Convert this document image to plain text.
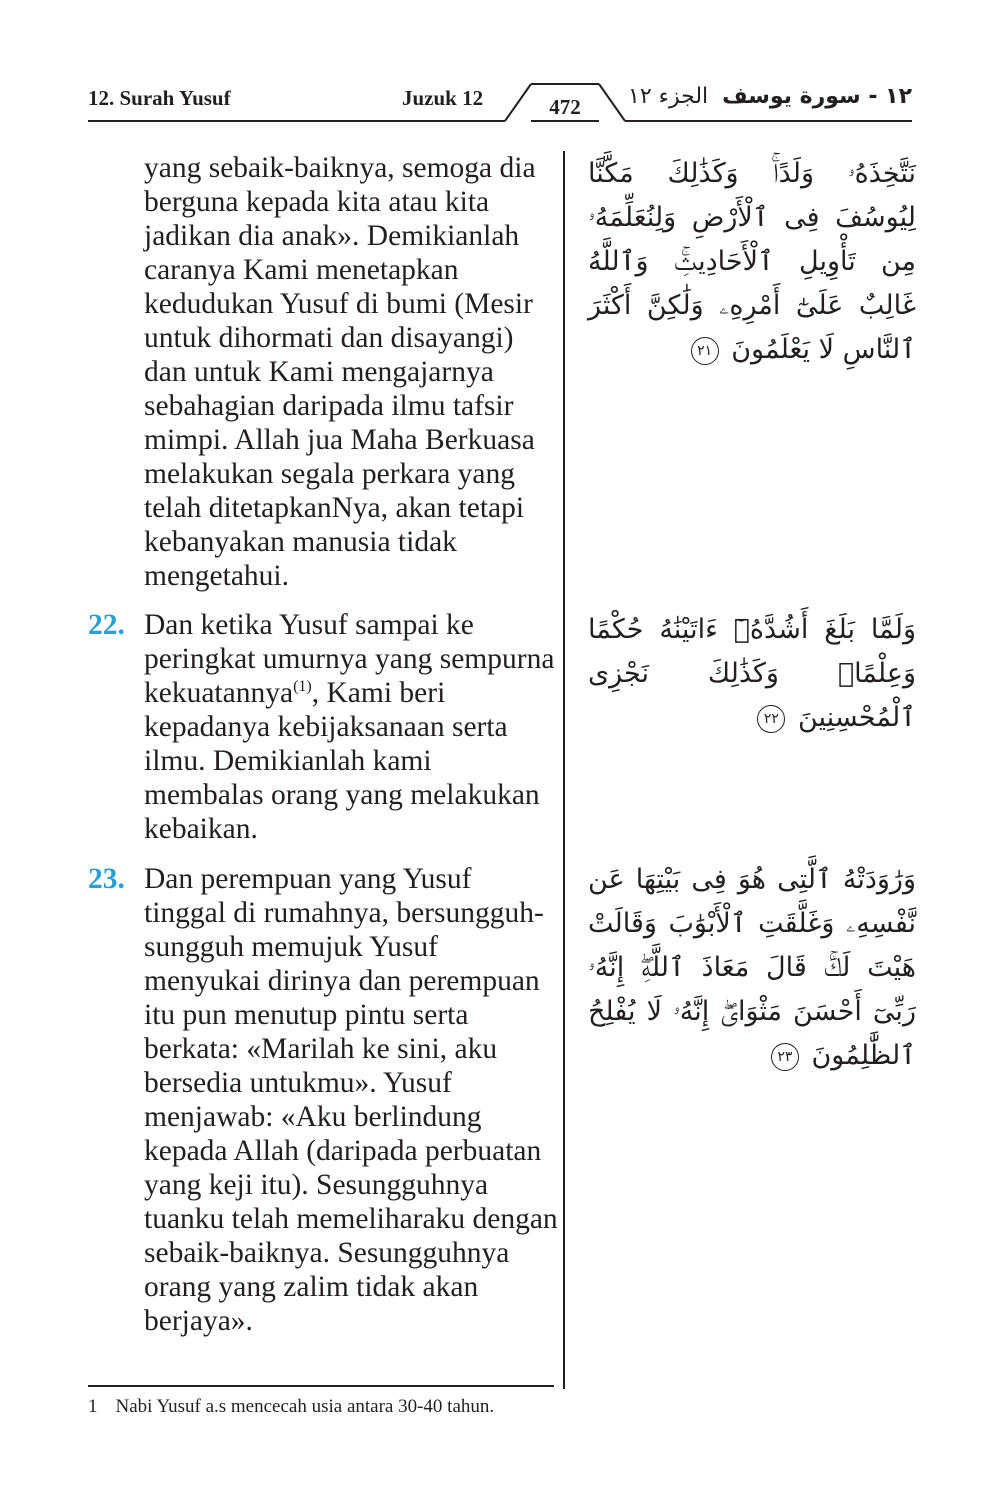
12. Surah Yusuf	Juzuk 12	472	الجزء ١٢ ١٢ - سورة يوسف
yang sebaik-baiknya, semoga dia berguna kepada kita atau kita jadikan dia anak». Demikianlah caranya Kami menetapkan kedudukan Yusuf di bumi (Mesir untuk dihormati dan disayangi) dan untuk Kami mengajarnya sebahagian daripada ilmu tafsir mimpi. Allah jua Maha Berkuasa melakukan segala perkara yang telah ditetapkanNya, akan tetapi kebanyakan manusia tidak mengetahui.
نَتَّخِذَهُۥ وَلَدًاۚ وَكَذَٰلِكَ مَكَّنَّا لِيُوسُفَ فِى ٱلْأَرْضِ وَلِنُعَلِّمَهُۥ مِن تَأْوِيلِ ٱلْأَحَادِيثِۚ وَٱللَّهُ غَالِبٌ عَلَىٰٓ أَمْرِهِۦ وَلَٰكِنَّ أَكْثَرَ ٱلنَّاسِ لَا يَعْلَمُونَ ٢١
22. Dan ketika Yusuf sampai ke peringkat umurnya yang sempurna kekuatannya$^{(1)}$, Kami beri kepadanya kebijaksanaan serta ilmu. Demikianlah kami membalas orang yang melakukan kebaikan.
وَلَمَّا بَلَغَ أَشُدَّهُۥٓ ءَاتَيْنَٰهُ حُكْمًا وَعِلْمًاۚ وَكَذَٰلِكَ نَجْزِى ٱلْمُحْسِنِينَ ٢٢
23. Dan perempuan yang Yusuf tinggal di rumahnya, bersungguh-sungguh memujuk Yusuf menyukai dirinya dan perempuan itu pun menutup pintu serta berkata: «Marilah ke sini, aku bersedia untukmu». Yusuf menjawab: «Aku berlindung kepada Allah (daripada perbuatan yang keji itu). Sesungguhnya tuanku telah memeliharaku dengan sebaik-baiknya. Sesungguhnya orang yang zalim tidak akan berjaya».
وَرَٰوَدَتْهُ ٱلَّتِى هُوَ فِى بَيْتِهَا عَن نَّفْسِهِۦ وَغَلَّقَتِ ٱلْأَبْوَٰبَ وَقَالَتْ هَيْتَ لَكَۚ قَالَ مَعَاذَ ٱللَّهِۖ إِنَّهُۥ رَبِّىٓ أَحْسَنَ مَثْوَاىَۖ إِنَّهُۥ لَا يُفْلِحُ ٱلظَّٰلِمُونَ ٢٣
1 Nabi Yusuf a.s mencecah usia antara 30-40 tahun.
